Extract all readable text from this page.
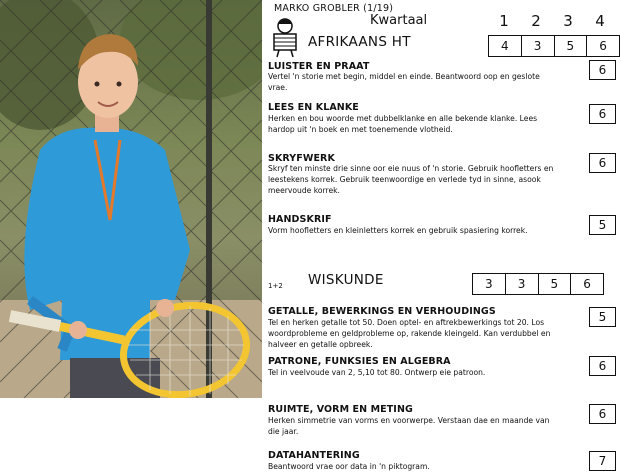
MARKO GROBLER (1/19)
Kwartaal	1	2	3	4
AFRIKAANS HT	4	3	5	6
LUISTER EN PRAAT
Vertel 'n storie met begin, middel en einde. Beantwoord oop en geslote vrae.
6
LEES EN KLANKE
Herken en bou woorde met dubbelklanke en alle bekende klanke. Lees hardop uit 'n boek en met toenemende vlotheid.
6
SKRYFWERK
Skryf ten minste drie sinne oor eie nuus of 'n storie. Gebruik hoofletters en leestekens korrek. Gebruik teenwoordige en verlede tyd in sinne, asook meervoude korrek.
6
HANDSKRIF
Vorm hoofletters en kleinletters korrek en gebruik spasiering korrek.	5
1+2 WISKUNDE	3	3	5	6
GETALLE, BEWERKINGS EN VERHOUDINGS
Tel en herken getalle tot 50. Doen optel- en aftrekbewerkings tot 20. Los woordprobleme en geldprobleme op, rakende kleingeld. Kan verdubbel en halveer en getalle opbreek.
5
PATRONE, FUNKSIES EN ALGEBRA
Tel in veelvoude van 2, 5,10 tot 80. Ontwerp eie patroon.	6
RUIMTE, VORM EN METING
Herken simmetrie van vorms en voorwerpe. Verstaan dae en maande van die jaar.
6
DATAHANTERING
Beantwoord vrae oor data in 'n piktogram.	7
